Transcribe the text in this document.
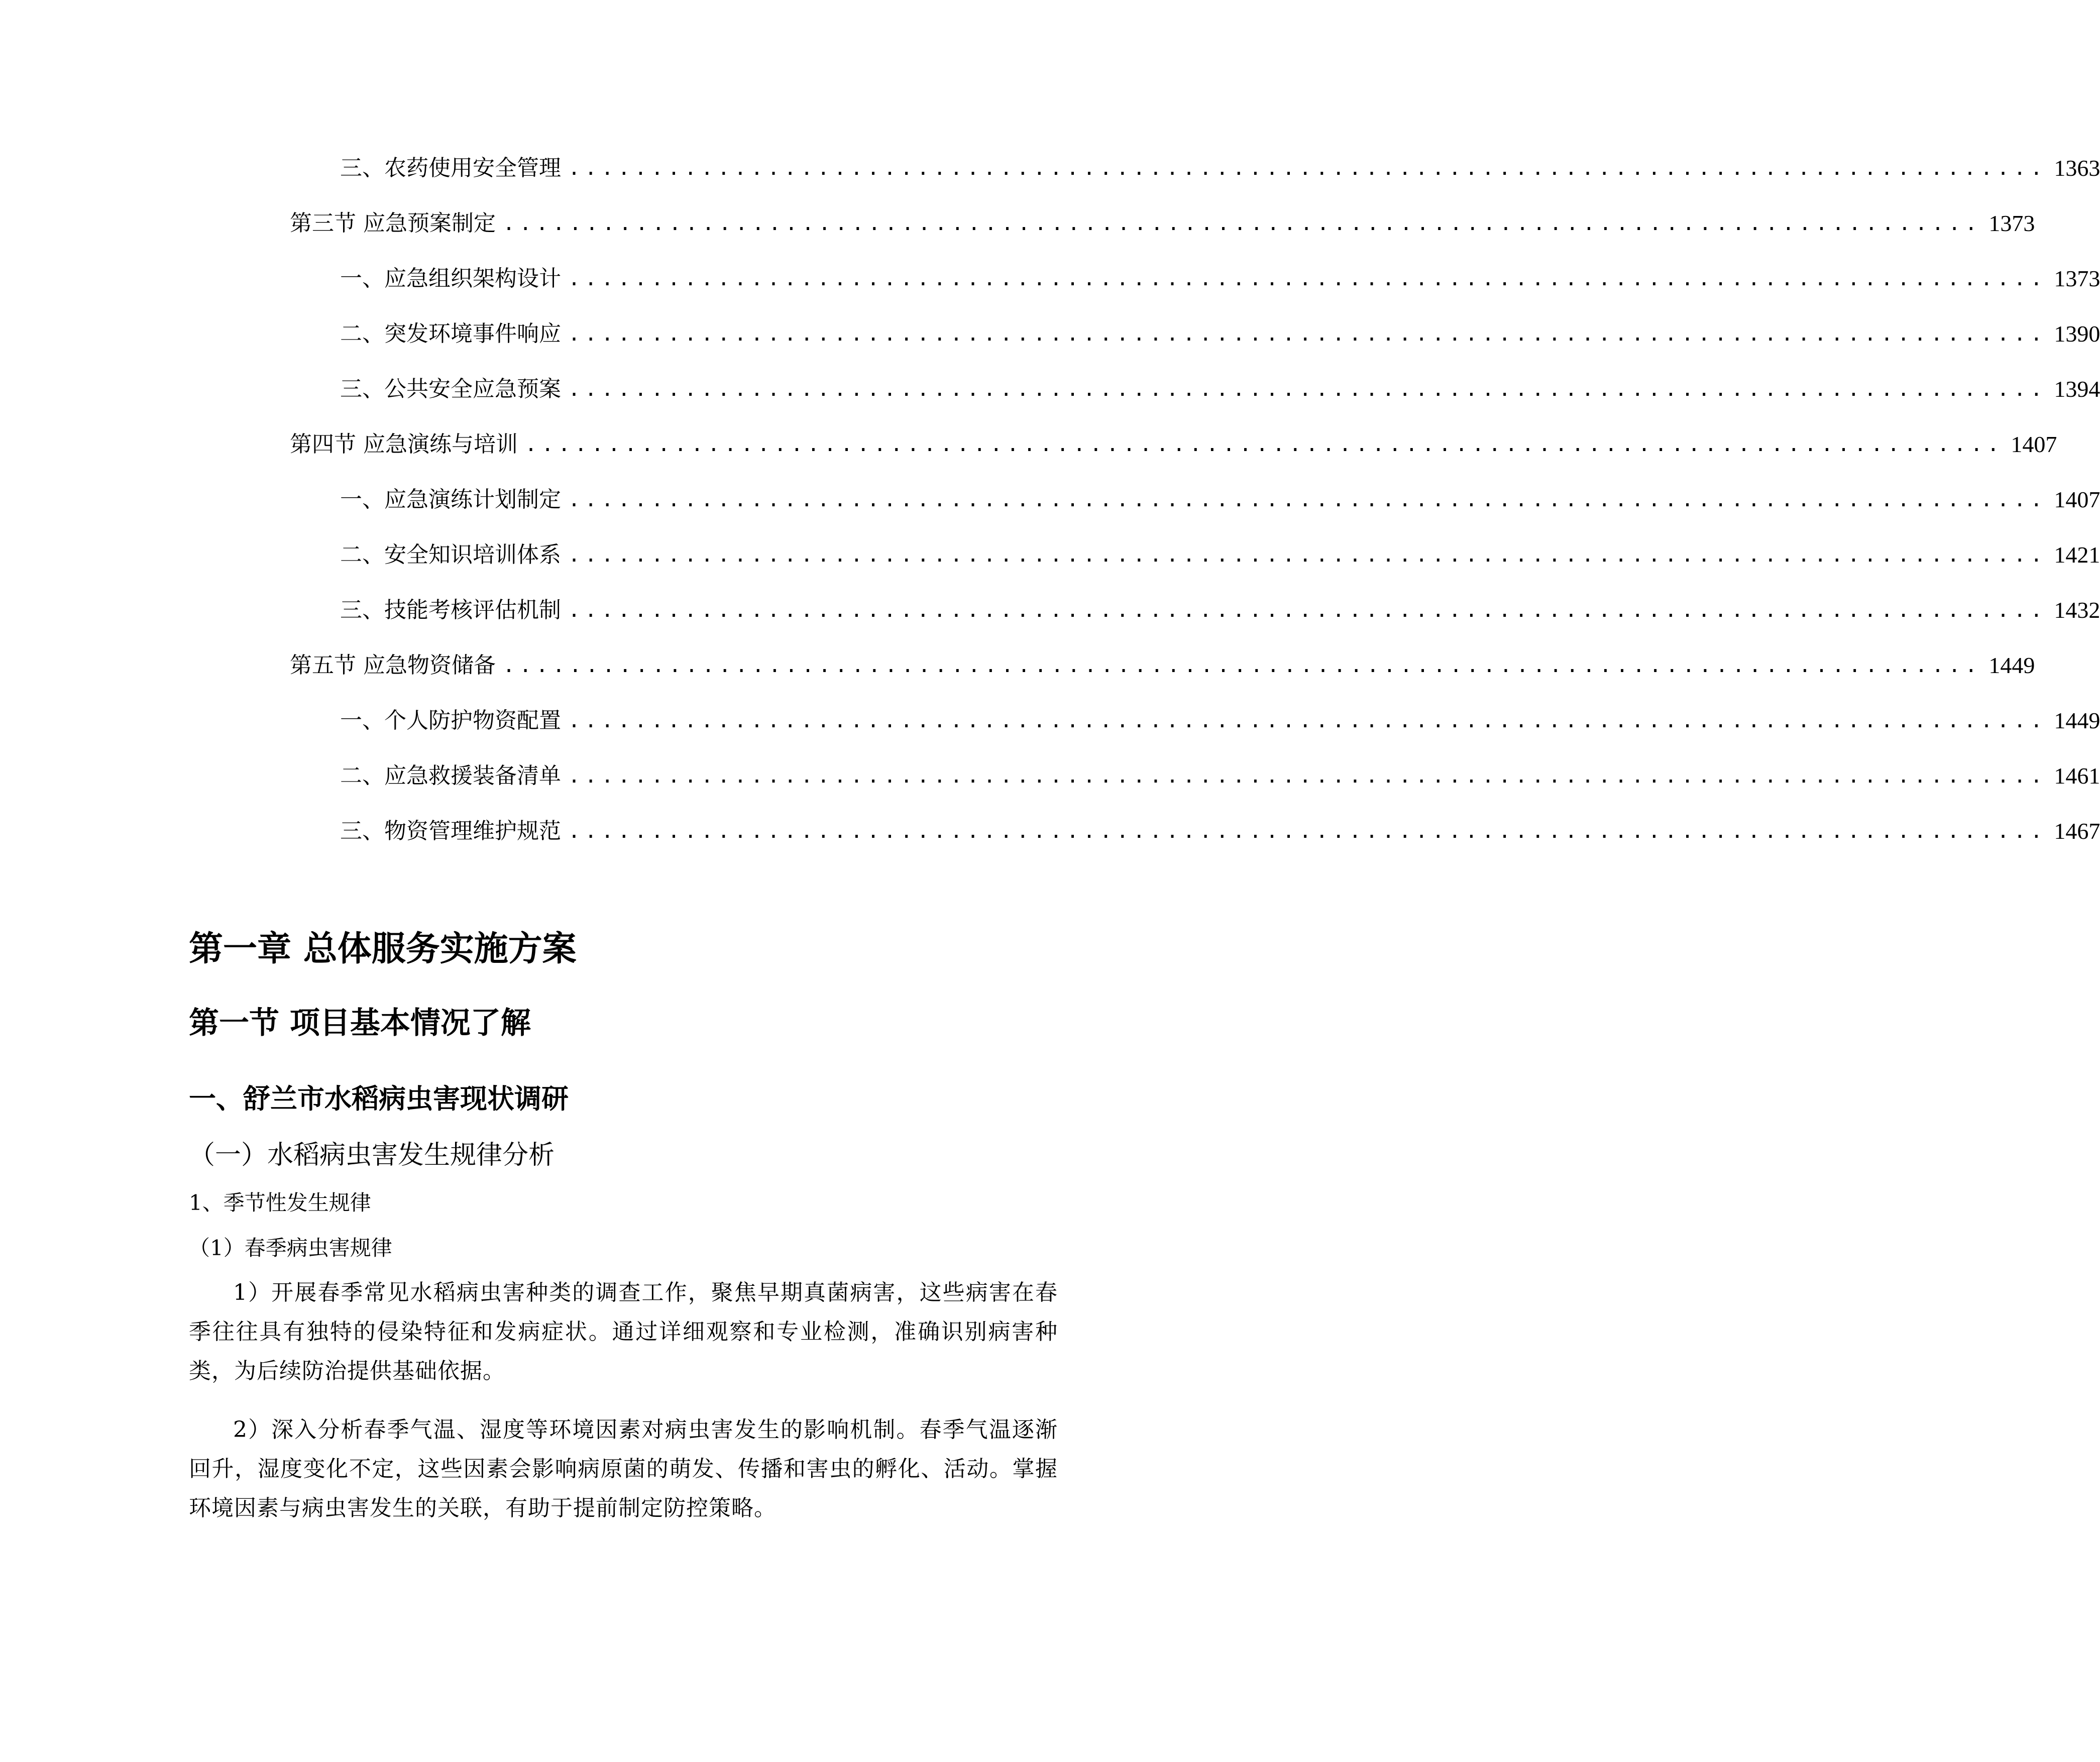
三、 农药使用安全管理 ......................................................................................... 1363
第三节 应急预案制定 ......................................................................................... 1373
一、 应急组织架构设计 ......................................................................................... 1373
二、 突发环境事件响应 ......................................................................................... 1390
三、 公共安全应急预案 ......................................................................................... 1394
第四节 应急演练与培训 ......................................................................................... 1407
一、 应急演练计划制定 ......................................................................................... 1407
二、 安全知识培训体系 ......................................................................................... 1421
三、 技能考核评估机制 ......................................................................................... 1432
第五节 应急物资储备 ......................................................................................... 1449
一、 个人防护物资配置 ......................................................................................... 1449
二、 应急救援装备清单 ......................................................................................... 1461
三、 物资管理维护规范 ......................................................................................... 1467
第一章 总体服务实施方案
第一节 项目基本情况了解
一、舒兰市水稻病虫害现状调研
（一）水稻病虫害发生规律分析
1、季节性发生规律
（1）春季病虫害规律
1）开展春季常见水稻病虫害种类的调查工作，聚焦早期真菌病害，这些病害在春季往往具有独特的侵染特征和发病症状。通过详细观察和专业检测，准确识别病害种类，为后续防治提供基础依据。
2）深入分析春季气温、湿度等环境因素对病虫害发生的影响机制。春季气温逐渐回升，湿度变化不定，这些因素会影响病原菌的萌发、传播和害虫的孵化、活动。掌握环境因素与病虫害发生的关联，有助于提前制定防控策略。
